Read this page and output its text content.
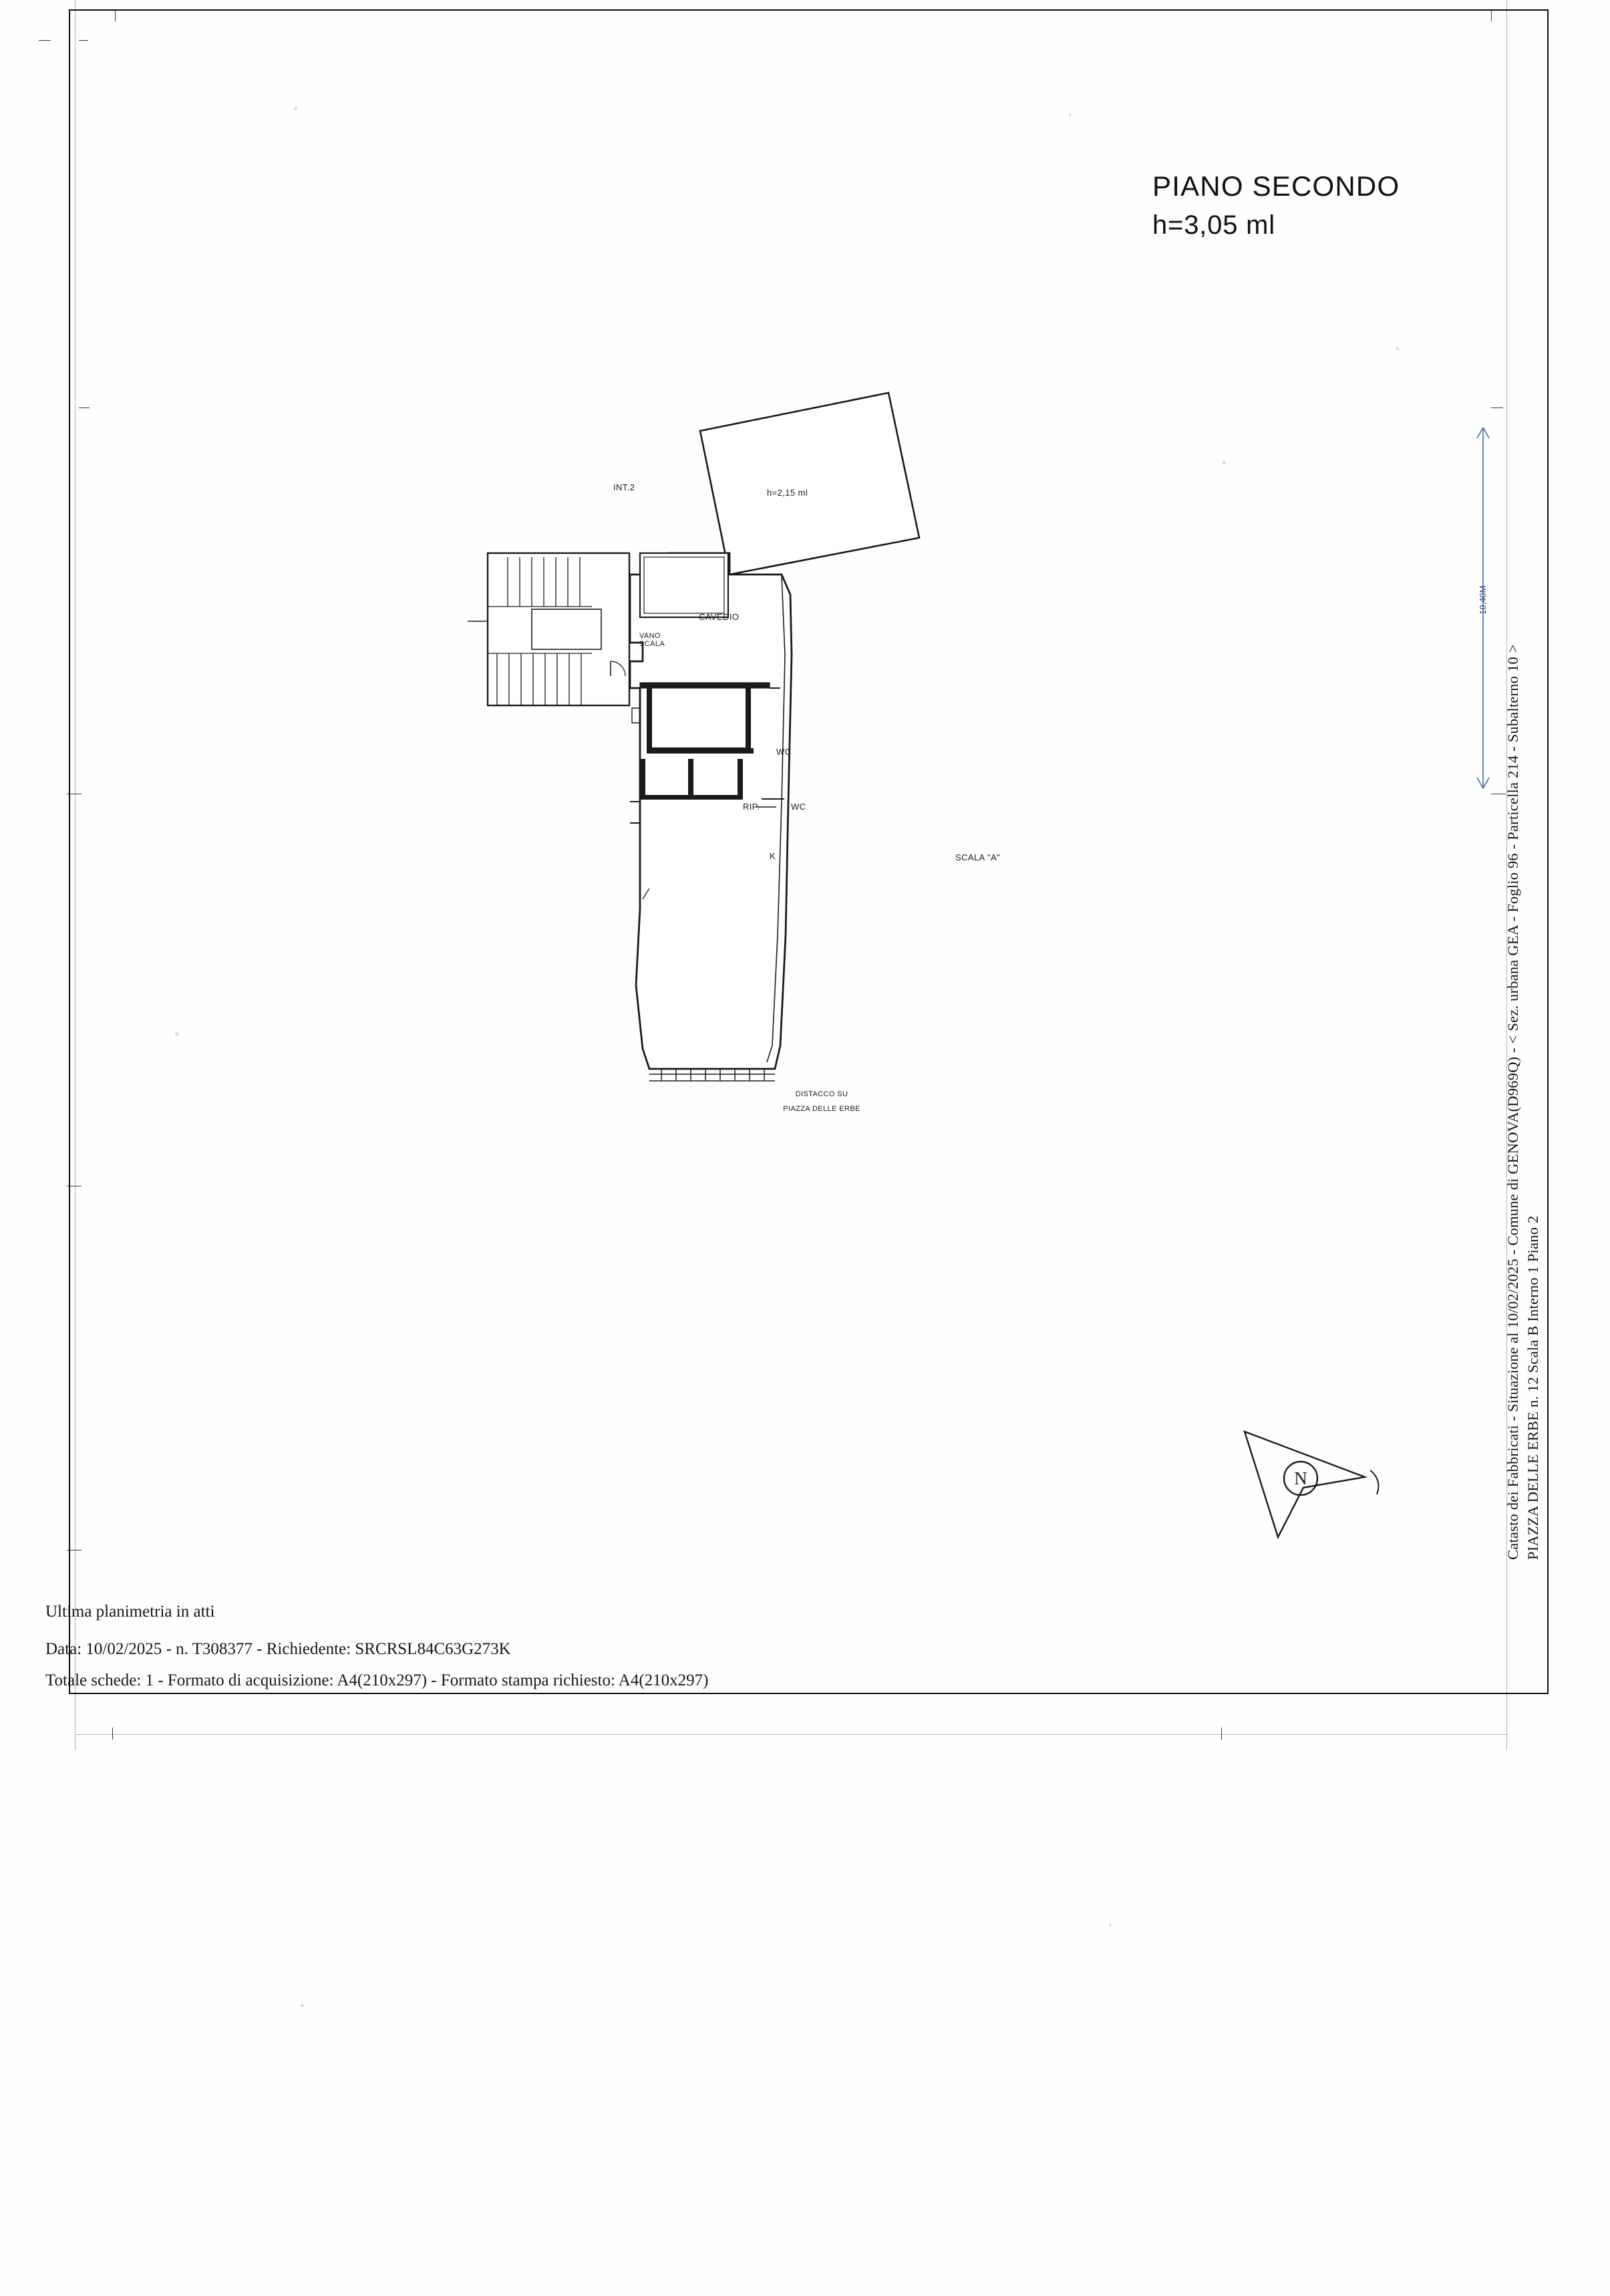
PIANO SECONDO
h=3,05 ml
Catasto dei Fabbricati - Situazione al 10/02/2025 - Comune di GENOVA(D969Q) - < Sez. urbana GEA - Foglio 96 - Particella 214 - Subalterno 10 > PIAZZA DELLE ERBE n. 12 Scala B Interno 1 Piano 2
10,40M
INT.2
h=2,15 ml
CAVEDIO
VANO
SCALA
WC
RIP.	WC
K	SCALA "A"
DISTACCO SU
PIAZZA DELLE ERBE
N
Ultima planimetria in atti
Data: 10/02/2025 - n. T308377 - Richiedente: SRCRSL84C63G273K
Totale schede: 1 - Formato di acquisizione: A4(210x297) - Formato stampa richiesto: A4(210x297)
